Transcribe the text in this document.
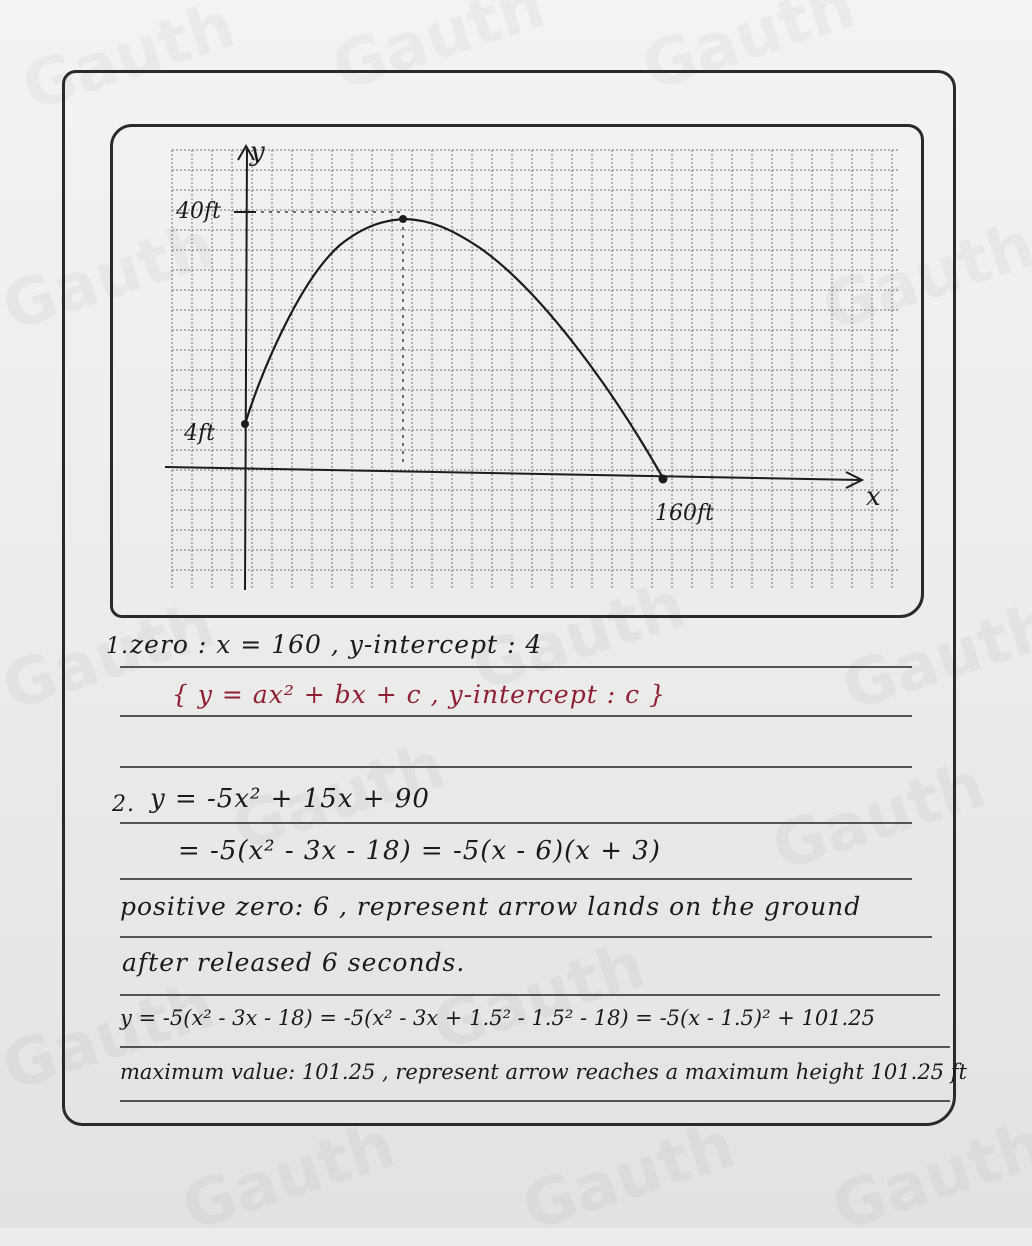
y
x
40ft
4ft
160ft
1. zero : x = 160 , y-intercept : 4
{ y = ax² + bx + c , y-intercept : c }
2. y = -5x² + 15x + 90
= -5(x² - 3x - 18) = -5(x - 6)(x + 3)
positive zero: 6 , represent arrow lands on the ground
after released 6 seconds.
y = -5(x² - 3x - 18) = -5(x² - 3x + 1.5² - 1.5² - 18) = -5(x - 1.5)² + 101.25
maximum value: 101.25 , represent arrow reaches a maximum height 101.25 ft
